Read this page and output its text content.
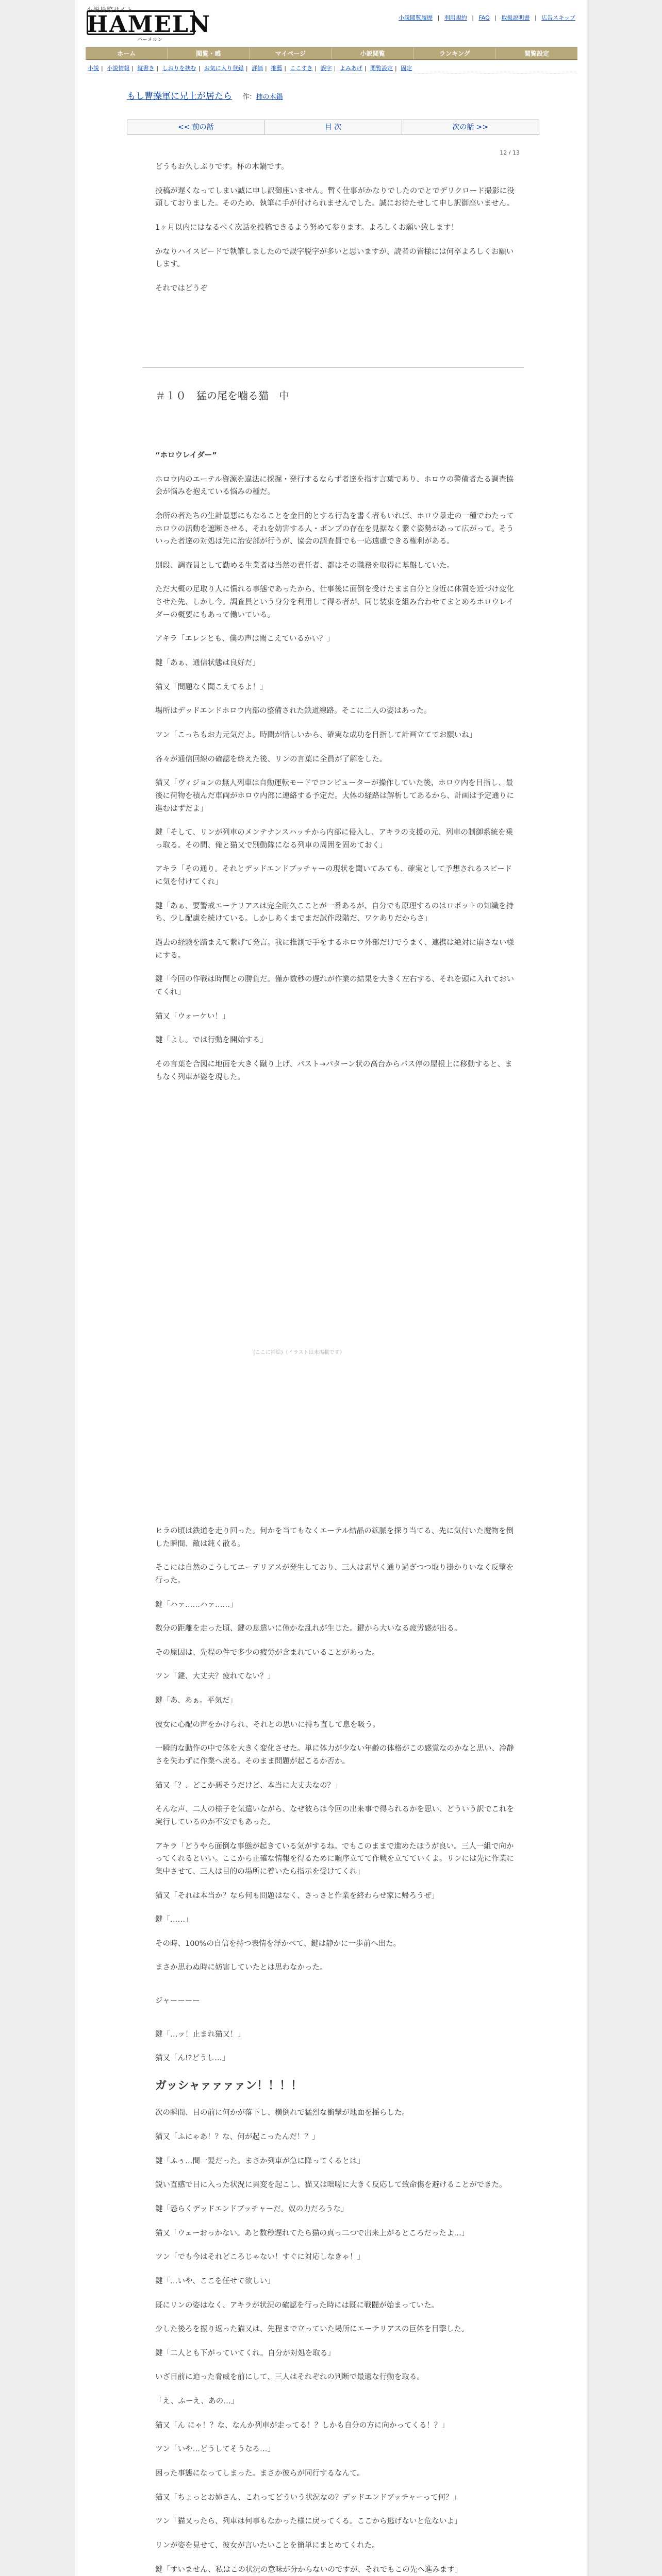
小説投稿サイト
HAMELN
ハーメルン
小説閲覧履歴 | 利用規約 | FAQ | 取扱説明書 | 広告スキップ
ホーム	閲覧・感	マイページ	小説閲覧	ランキング	閲覧設定
小説 | 小説情報 | 縦書き | しおりを挟む | お気に入り登録 | 評価 | 推薦 | ここすき | 誤字 | よみあげ | 閲覧設定 | 固定
もし曹操軍に兄上が居たら 作：柿の木鍋
<< 前の話	目 次	次の話 >>
12 / 13

どうもお久しぶりです。杯の木鍋です。

投稿が遅くなってしまい誠に申し訳御座いません。暫く仕事がかなりでしたのでとでデリクロード撮影に没頭しておりました。そのため、執筆に手が付けられませんでした。誠にお待たせして申し訳御座いません。

1ヶ月以内にはなるべく次話を投稿できるよう努めて参ります。よろしくお願い致します！

かなりハイスピードで執筆しましたので誤字脱字が多いと思いますが、読者の皆様には何卒よろしくお願いします。

それではどうぞ

＃１０　猛の尾を噛る猫　中

“ホロウレイダー”

ホロウ内のエーテル資源を違法に採掘・発行するならず者達を指す言葉であり、ホロウの警備者たる調査協会が悩みを抱えている悩みの種だ。

余所の者たちの生計最悪にもなることを金目的とする行為を書く者もいれば、ホロウ暴走の一種でわたってホロウの活動を遮断させる、それを妨害する人・ボンプの存在を見据なく繋ぐ姿勢があって広がって。そういった者達の対処は先に治安部が行うが、協会の調査員でも一応遠慮できる権利がある。

別段、調査員として勤める生業者は当然の責任者、都はその職務を収得に基盤していた。

ただ大概の足取り人に慣れる事態であったから、仕事後に面倒を受けたまま自分と身近に体質を近づけ変化させた先、しかし今。調査員という身分を利用して得る者が、同じ装束を組み合わせてまとめるホロウレイダーの概要にもあって働いている。

アキラ「エレンとも、僕の声は聞こえているかい？」

鍵「あぁ、通信状態は良好だ」

猫又「問題なく聞こえてるよ！」

場所はデッドエンドホロウ内部の整備された鉄道線路。そこに二人の姿はあった。

ツン「こっちもお力元気だよ。時間が惜しいから、確実な成功を目指して計画立ててお願いね」

各々が通信回線の確認を終えた後、リンの言葉に全員が了解をした。

猫又「ヴィジョンの無人列車は自動運転モードでコンピューターが操作していた後、ホロウ内を目指し、最後に荷物を積んだ車両がホロウ内部に連絡する予定だ。大体の経路は解析してあるから、計画は予定通りに進むはずだよ」

鍵「そして、リンが列車のメンテナンスハッチから内部に侵入し、アキラの支援の元、列車の制御系統を乗っ取る。その間、俺と猫又で別動隊になる列車の周囲を固めておく」

アキラ「その通り。それとデッドエンドブッチャーの現状を聞いてみても、確実として予想されるスピードに気を付けてくれ」

鍵「あぁ、要警戒エーテリアスは完全耐久こことが一番あるが、自分でも原理するのはロボットの知識を持ち、少し配慮を続けている。しかしあくまでまだ試作段階だ、ワケありだからさ」

過去の経験を踏まえて繋げて発言。我に推測で手をするホロウ外部だけでうまく、連携は絶対に崩さない様にする。

鍵「今回の作戦は時間との勝負だ。僅か数秒の遅れが作業の結果を大きく左右する、それを頭に入れておいてくれ」

猫又「ウォーケい！」

鍵「よし。では行動を開始する」

その言葉を合図に地面を大きく蹴り上げ、パスト→パターン状の高台からバス停の屋根上に移動すると、まもなく列車が姿を現した。

(ここに挿絵)（イラストは未掲載です）

ヒラの頃は鉄道を走り回った。何かを当てもなくエーテル結晶の鉱脈を探り当てる、先に気付いた魔物を倒した瞬間、敵は鈍く散る。

そこには自然のこうしてエーテリアスが発生しており、三人は素早く通り過ぎつつ取り掛かりいなく反撃を行った。

鍵「ハァ……ハァ……」

数分の距離を走った頃、鍵の息遣いに僅かな乱れが生じた。鍵から大いなる疲労感が出る。

その原因は、先程の件で多少の疲労が含まれていることがあった。

ツン「鍵、大丈夫？疲れてない？」

鍵「あ、あぁ。平気だ」

彼女に心配の声をかけられ、それとの思いに持ち直して息を吸う。

一瞬的な動作の中で体を大きく変化させた。単に体力が少ない年齢の体格がこの感覚なのかなと思い、冷静さを失わずに作業へ戻る。そのまま問題が起こるか否か。

猫又「？、どこか悪そうだけど、本当に大丈夫なの？」

そんな声、二人の様子を気遣いながら、なぜ彼らは今回の出来事で得られるかを思い、どういう訳でこれを実行しているのか不安でもあった。

アキラ「どうやら面倒な事態が起きている気がするね。でもこのままで進めたほうが良い。三人一組で向かってくれるといい。ここから正確な情報を得るために順序立てて作戦を立てていくよ。リンには先に作業に集中させて、三人は目的の場所に着いたら指示を受けてくれ」

猫又「それは本当か？なら何も問題はなく、さっさと作業を終わらせ家に帰ろうぜ」

鍵「……」

その時、100%の自信を持つ表情を浮かべて、鍵は静かに一歩前へ出た。

まさか思わぬ時に妨害していたとは思わなかった。

ジャーーーー

鍵「…ッ！止まれ猫又！」

猫又「ん!?どうし…」

ガッシャァァァァン！！！！

次の瞬間、目の前に何かが落下し、横倒れで猛烈な衝撃が地面を揺らした。

猫又「ふにゃあ！？な、何が起こったんだ！？」

鍵「ふぅ…間一髪だった。まさか列車が急に降ってくるとは」

鋭い直感で目に入った状況に異変を起こし、猫又は咄嗟に大きく反応して致命傷を避けることができた。

鍵「恐らくデッドエンドブッチャーだ。奴の力だろうな」

猫又「ウェーおっかない。あと数秒遅れてたら猫の真っ二つで出来上がるところだったよ…」

ツン「でも今はそれどころじゃない！すぐに対応しなきゃ！」

鍵「…いや、ここを任せて欲しい」

既にリンの姿はなく、アキラが状況の確認を行った時には既に戦闘が始まっていた。

少した後ろを振り返った猫又は、先程まで立っていた場所にエーテリアスの巨体を目撃した。

鍵「二人とも下がっていてくれ。自分が対処を取る」

いざ目前に迫った脅威を前にして、三人はそれぞれの判断で最適な行動を取る。

「え、ふーえ、あの…」

猫又「ん にゃ！？な、なんか列車が走ってる！？しかも自分の方に向かってくる！？」

ツン「いや…どうしてそうなる…」

困った事態になってしまった。まさか彼らが同行するなんて。

猫又「ちょっとお姉さん、これってどういう状況なの？デッドエンドブッチャーって何？」

ツン「猫又ったら、列車は何事もなかった様に戻ってくる。ここから逃げないと危ないよ」

リンが姿を見せて、彼女が言いたいことを簡単にまとめてくれた。

鍵「すいません、私はこの状況の意味が分からないのですが、それでもこの先へ進みます」
